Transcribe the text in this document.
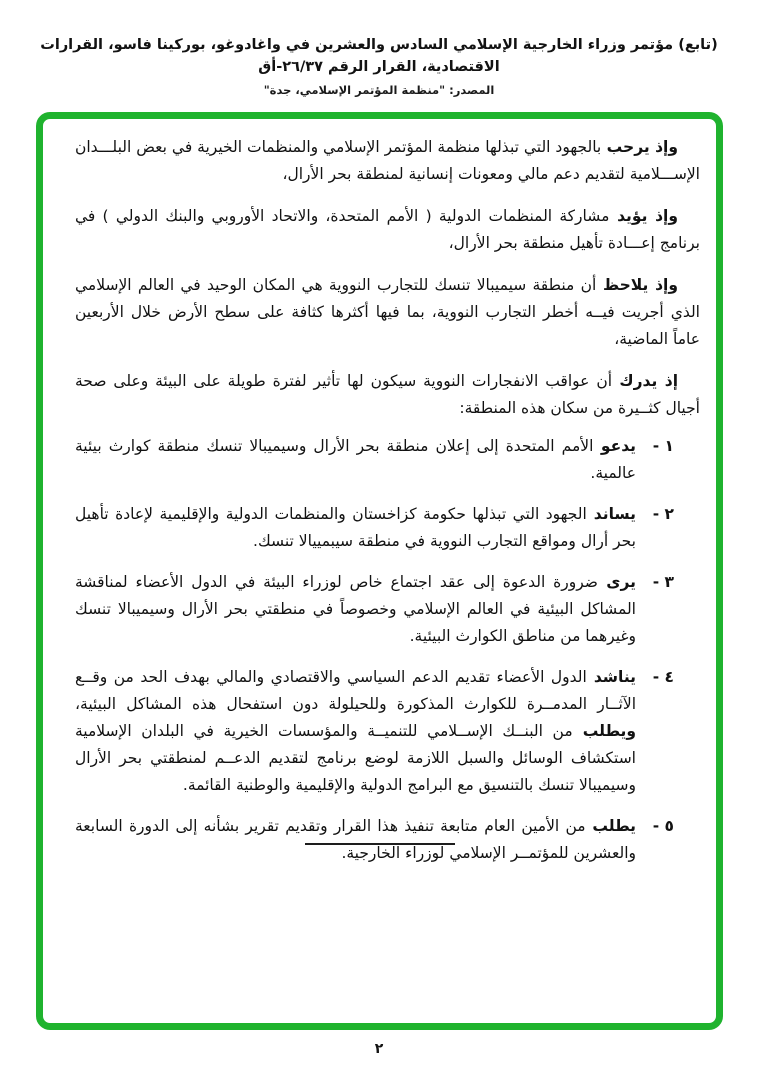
(تابع) مؤتمر وزراء الخارجية الإسلامي السادس والعشرين في واغادوغو، بوركينا فاسو، القرارات الاقتصادية، القرار الرقم ٢٦/٣٧-أق
المصدر: "منظمة المؤتمر الإسلامي، جدة"
وإذ يرحب بالجهود التي تبذلها منظمة المؤتمر الإسلامي والمنظمات الخيرية في بعض البلـــدان الإســـلامية لتقديم دعم مالي ومعونات إنسانية لمنطقة بحر الأرال،
وإذ يؤيد مشاركة المنظمات الدولية ( الأمم المتحدة، والاتحاد الأوروبي والبنك الدولي ) في برنامج إعـــادة تأهيل منطقة بحر الأرال،
وإذ يلاحظ أن منطقة سيميبالا تنسك للتجارب النووية هي المكان الوحيد في العالم الإسلامي الذي أجريت فيــه أخطر التجارب النووية، بما فيها أكثرها كثافة على سطح الأرض خلال الأربعين عاماً الماضية،
إذ يدرك أن عواقب الانفجارات النووية سيكون لها تأثير لفترة طويلة على البيئة وعلى صحة أجيال كثــيرة من سكان هذه المنطقة:
١ -
يدعو الأمم المتحدة إلى إعلان منطقة بحر الأرال وسيميبالا تنسك منطقة كوارث بيئية عالمية.
٢ -
يساند الجهود التي تبذلها حكومة كزاخستان والمنظمات الدولية والإقليمية لإعادة تأهيل بحر أرال ومواقع التجارب النووية في منطقة سيبمييالا تنسك.
٣ -
يرى ضرورة الدعوة إلى عقد اجتماع خاص لوزراء البيئة في الدول الأعضاء لمناقشة المشاكل البيئية في العالم الإسلامي وخصوصاً في منطقتي بحر الأرال وسيميبالا تنسك وغيرهما من مناطق الكوارث البيئية.
٤ -
يناشد الدول الأعضاء تقديم الدعم السياسي والاقتصادي والمالي بهدف الحد من وقــع الآثــار المدمــرة للكوارث المذكورة وللحيلولة دون استفحال هذه المشاكل البيئية، ويطلب من البنــك الإســلامي للتنميــة والمؤسسات الخيرية في البلدان الإسلامية استكشاف الوسائل والسبل اللازمة لوضع برنامج لتقديم الدعــم لمنطقتي بحر الأرال وسيميبالا تنسك بالتنسيق مع البرامج الدولية والإقليمية والوطنية القائمة.
٥ -
يطلب من الأمين العام متابعة تنفيذ هذا القرار وتقديم تقرير بشأنه إلى الدورة السابعة والعشرين للمؤتمــر الإسلامي لوزراء الخارجية.
٢
